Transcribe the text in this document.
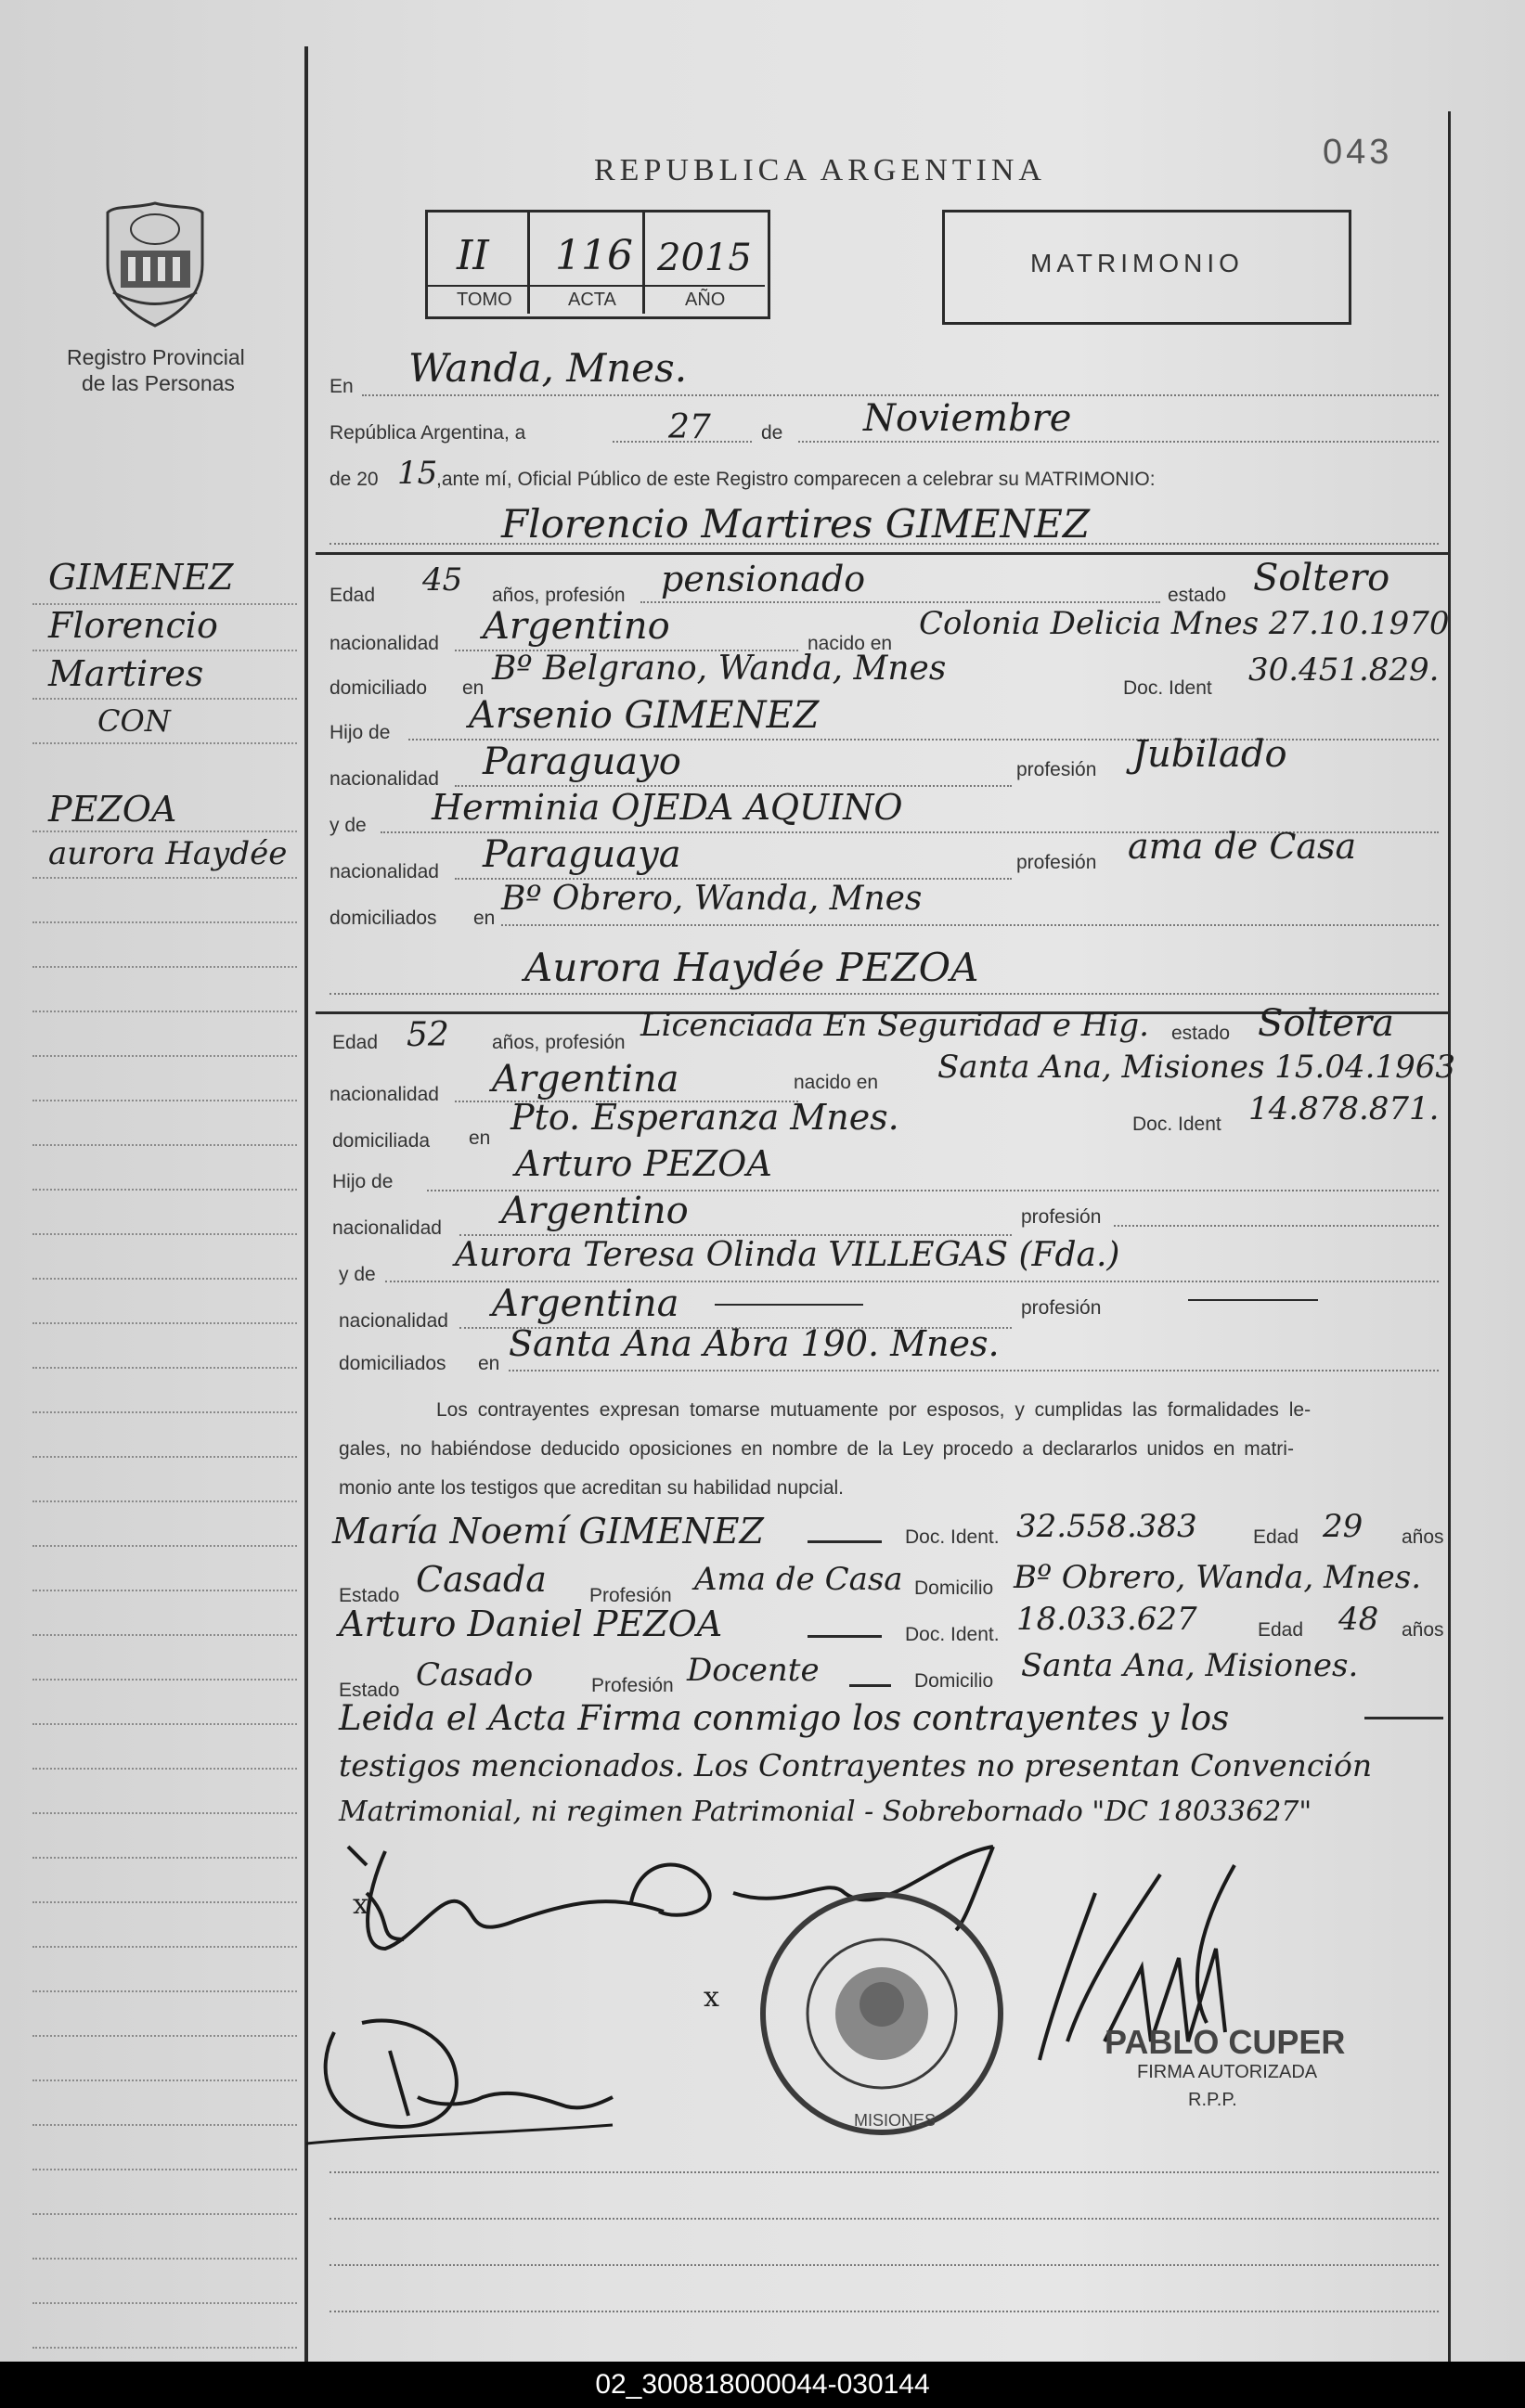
Registro Provincial
de las Personas
REPUBLICA ARGENTINA	043
II 116 2015
TOMO	ACTA	AÑO
MATRIMONIO
En Wanda, Mnes.
República Argentina, a	27	de Noviembre
de 20 15
,ante mí, Oficial Público de este Registro comparecen a celebrar su MATRIMONIO:
Florencio Martires GIMENEZ
Edad 45 años, profesión pensionado	estado Soltero
nacionalidad Argentino	nacido en
Colonia Delicia Mnes 27.10.1970
domiciliado en
Bº Belgrano, Wanda, Mnes
Doc. Ident 30.451.829.
Hijo de Arsenio GIMENEZ
nacionalidad Paraguayo	profesión Jubilado
y de Herminia OJEDA AQUINO
nacionalidad Paraguaya	profesión ama de Casa
domiciliados en
Bº Obrero, Wanda, Mnes
Aurora Haydée PEZOA
Edad 52 años, profesión Licenciada En Seguridad e Hig. estado Soltera
nacionalidad Argentina	nacido en Santa Ana, Misiones 15.04.1963
domiciliada en
Pto. Esperanza Mnes.	Doc. Ident 14.878.871.
Hijo de	Arturo PEZOA
nacionalidad Argentino	profesión
y de
Aurora Teresa Olinda VILLEGAS (Fda.)
nacionalidad Argentina	profesión
domiciliados en Santa Ana Abra 190. Mnes.
Los contrayentes expresan tomarse mutuamente por esposos, y cumplidas las formalidades le-
gales, no habiéndose deducido oposiciones en nombre de la Ley procedo a declararlos unidos en matri-
monio ante los testigos que acreditan su habilidad nupcial.
María Noemí GIMENEZ	Doc. Ident. 32.558.383	Edad 29 años
Estado Casada Profesión Ama de Casa Domicilio Bº Obrero, Wanda, Mnes.
Arturo Daniel PEZOA	Doc. Ident. 18.033.627	Edad 48 años
Estado Casado	Profesión Docente	Domicilio Santa Ana, Misiones.
Leida el Acta Firma conmigo los contrayentes y los
testigos mencionados. Los Contrayentes no presentan Convención
Matrimonial, ni regimen Patrimonial - Sobrebornado "DC 18033627"
x
x
MISIONES
PABLO CUPER
FIRMA AUTORIZADA
R.P.P.
GIMENEZ
Florencio
Martires
CON
PEZOA
aurora Haydée
02_300818000044-030144
